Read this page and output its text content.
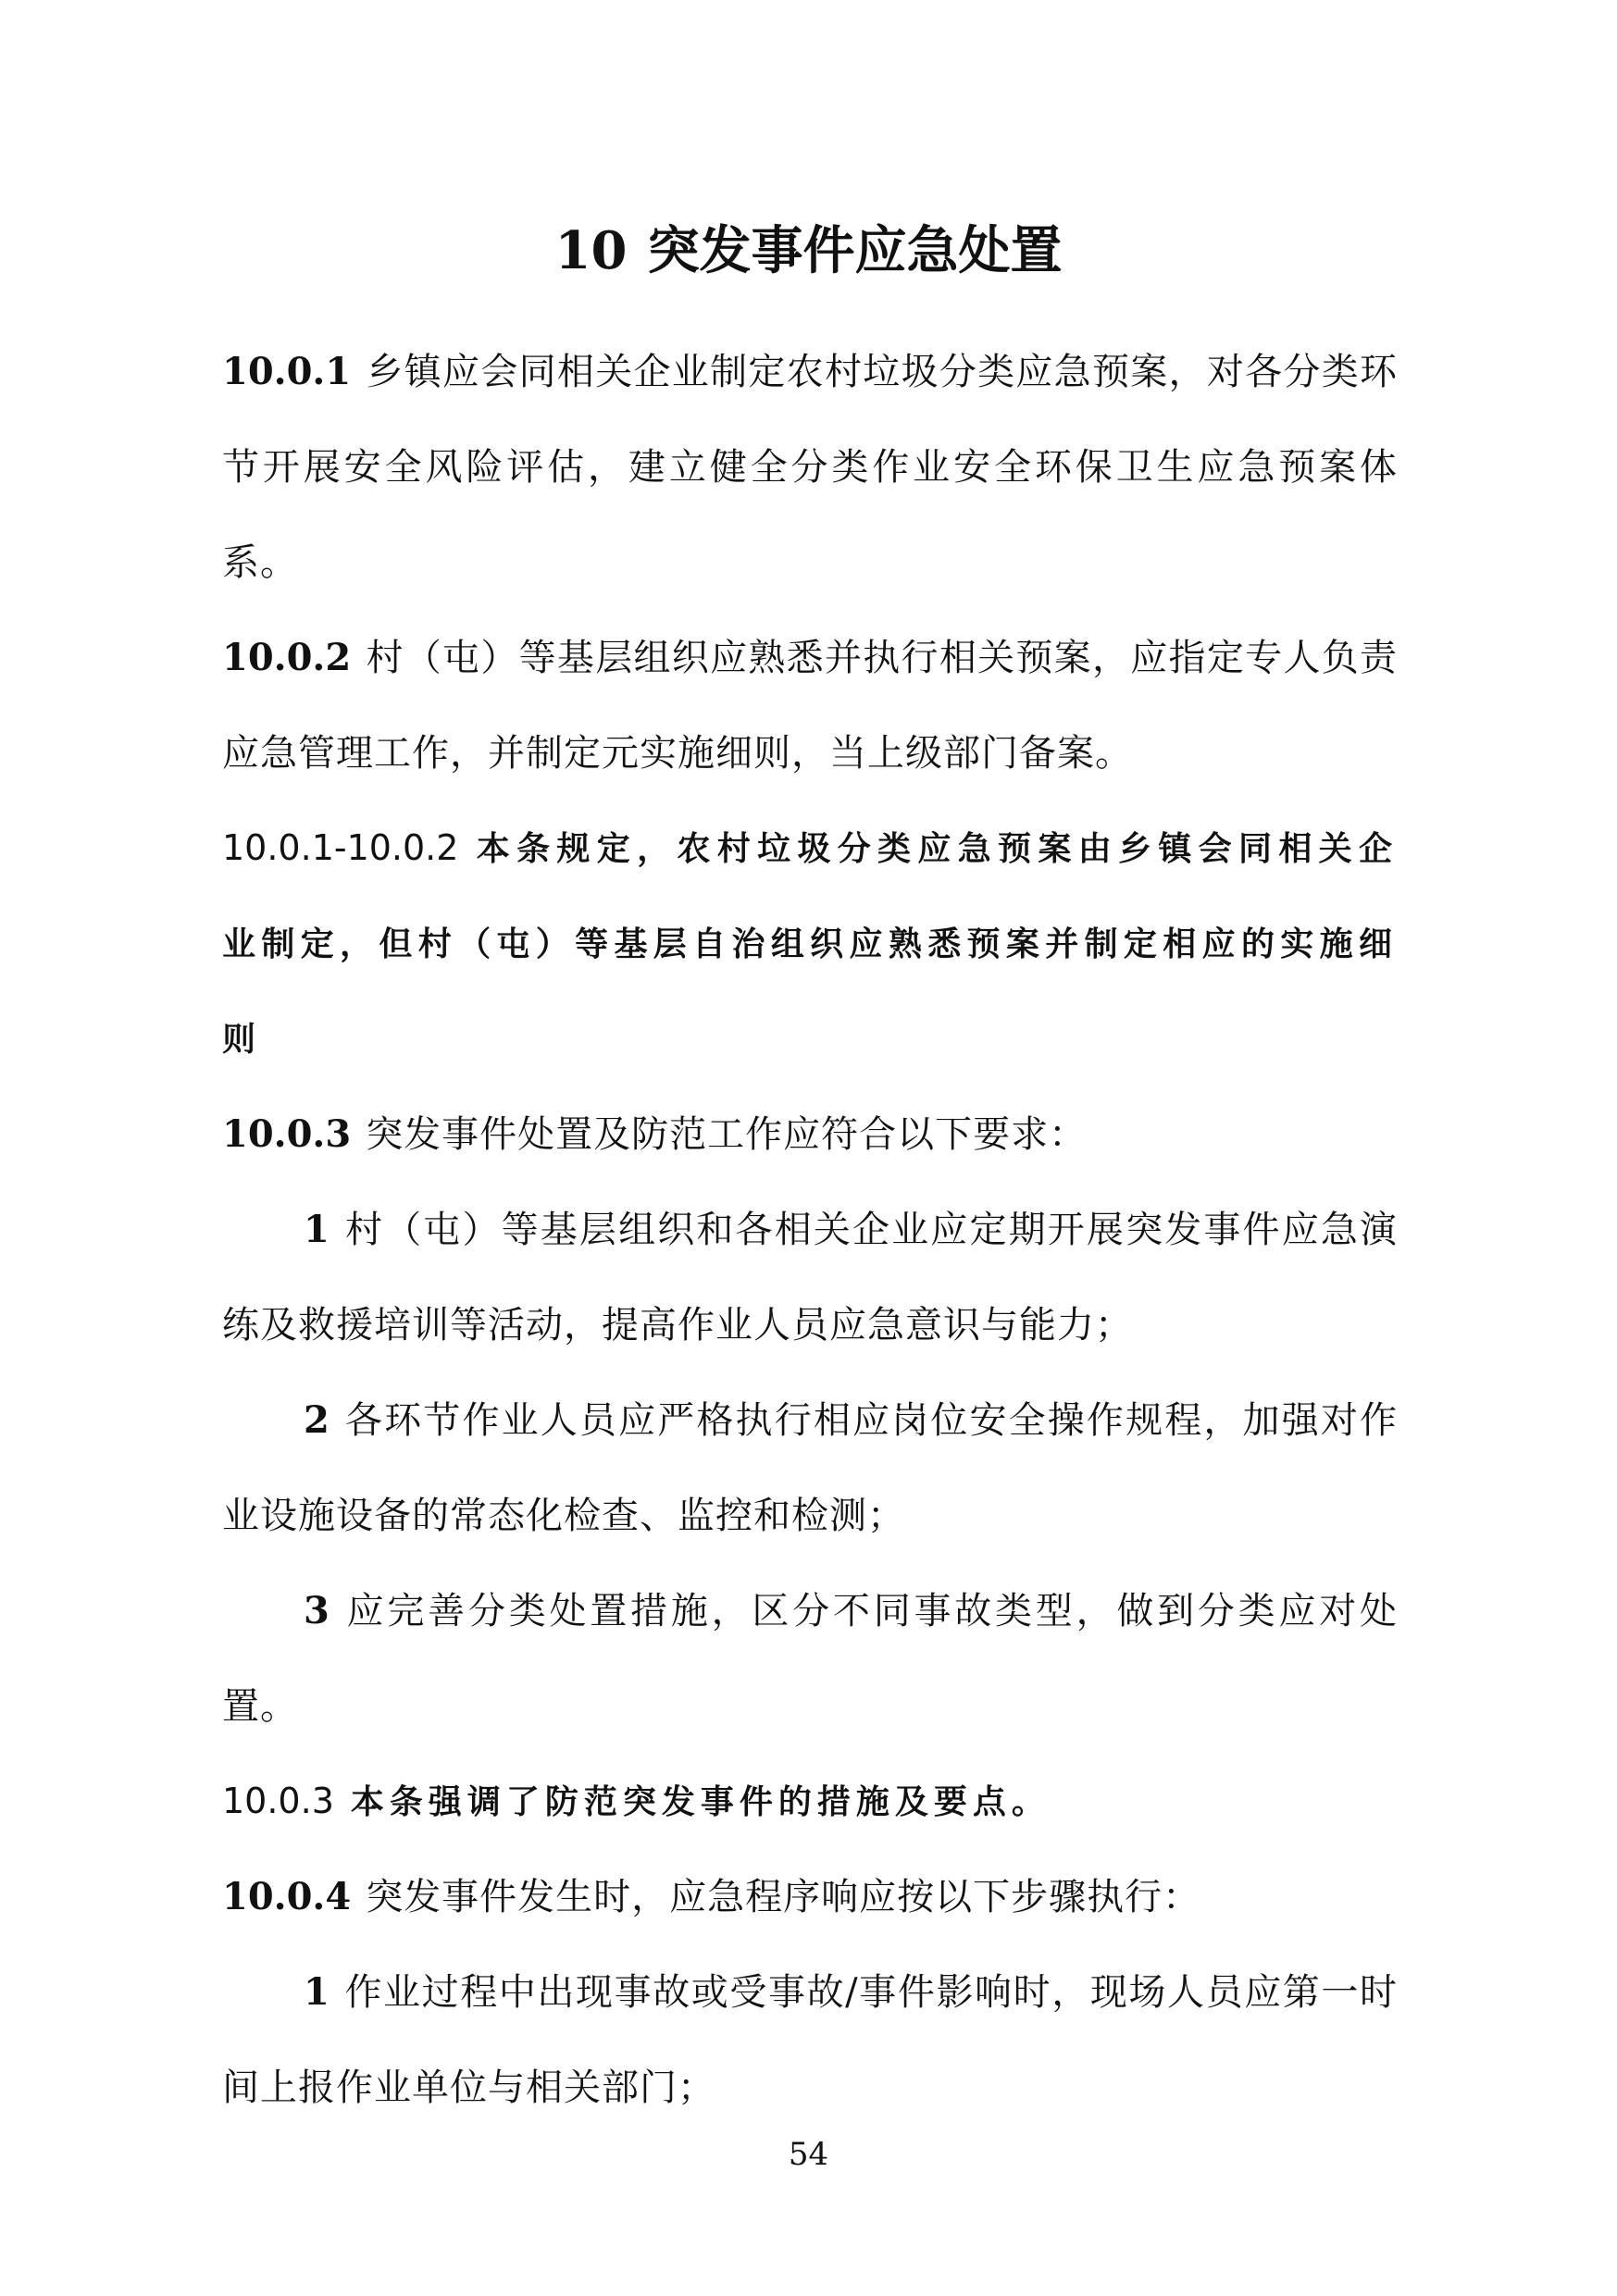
10 突发事件应急处置
10.0.1 乡镇应会同相关企业制定农村垃圾分类应急预案，对各分类环节开展安全风险评估，建立健全分类作业安全环保卫生应急预案体系。
10.0.2 村（屯）等基层组织应熟悉并执行相关预案，应指定专人负责应急管理工作，并制定元实施细则，当上级部门备案。
10.0.1-10.0.2 本条规定，农村垃圾分类应急预案由乡镇会同相关企业制定，但村（屯）等基层自治组织应熟悉预案并制定相应的实施细则
10.0.3 突发事件处置及防范工作应符合以下要求：
1 村（屯）等基层组织和各相关企业应定期开展突发事件应急演练及救援培训等活动，提高作业人员应急意识与能力；
2 各环节作业人员应严格执行相应岗位安全操作规程，加强对作业设施设备的常态化检查、监控和检测；
3 应完善分类处置措施，区分不同事故类型，做到分类应对处置。
10.0.3 本条强调了防范突发事件的措施及要点。
10.0.4 突发事件发生时，应急程序响应按以下步骤执行：
1 作业过程中出现事故或受事故/事件影响时，现场人员应第一时间上报作业单位与相关部门；
54
